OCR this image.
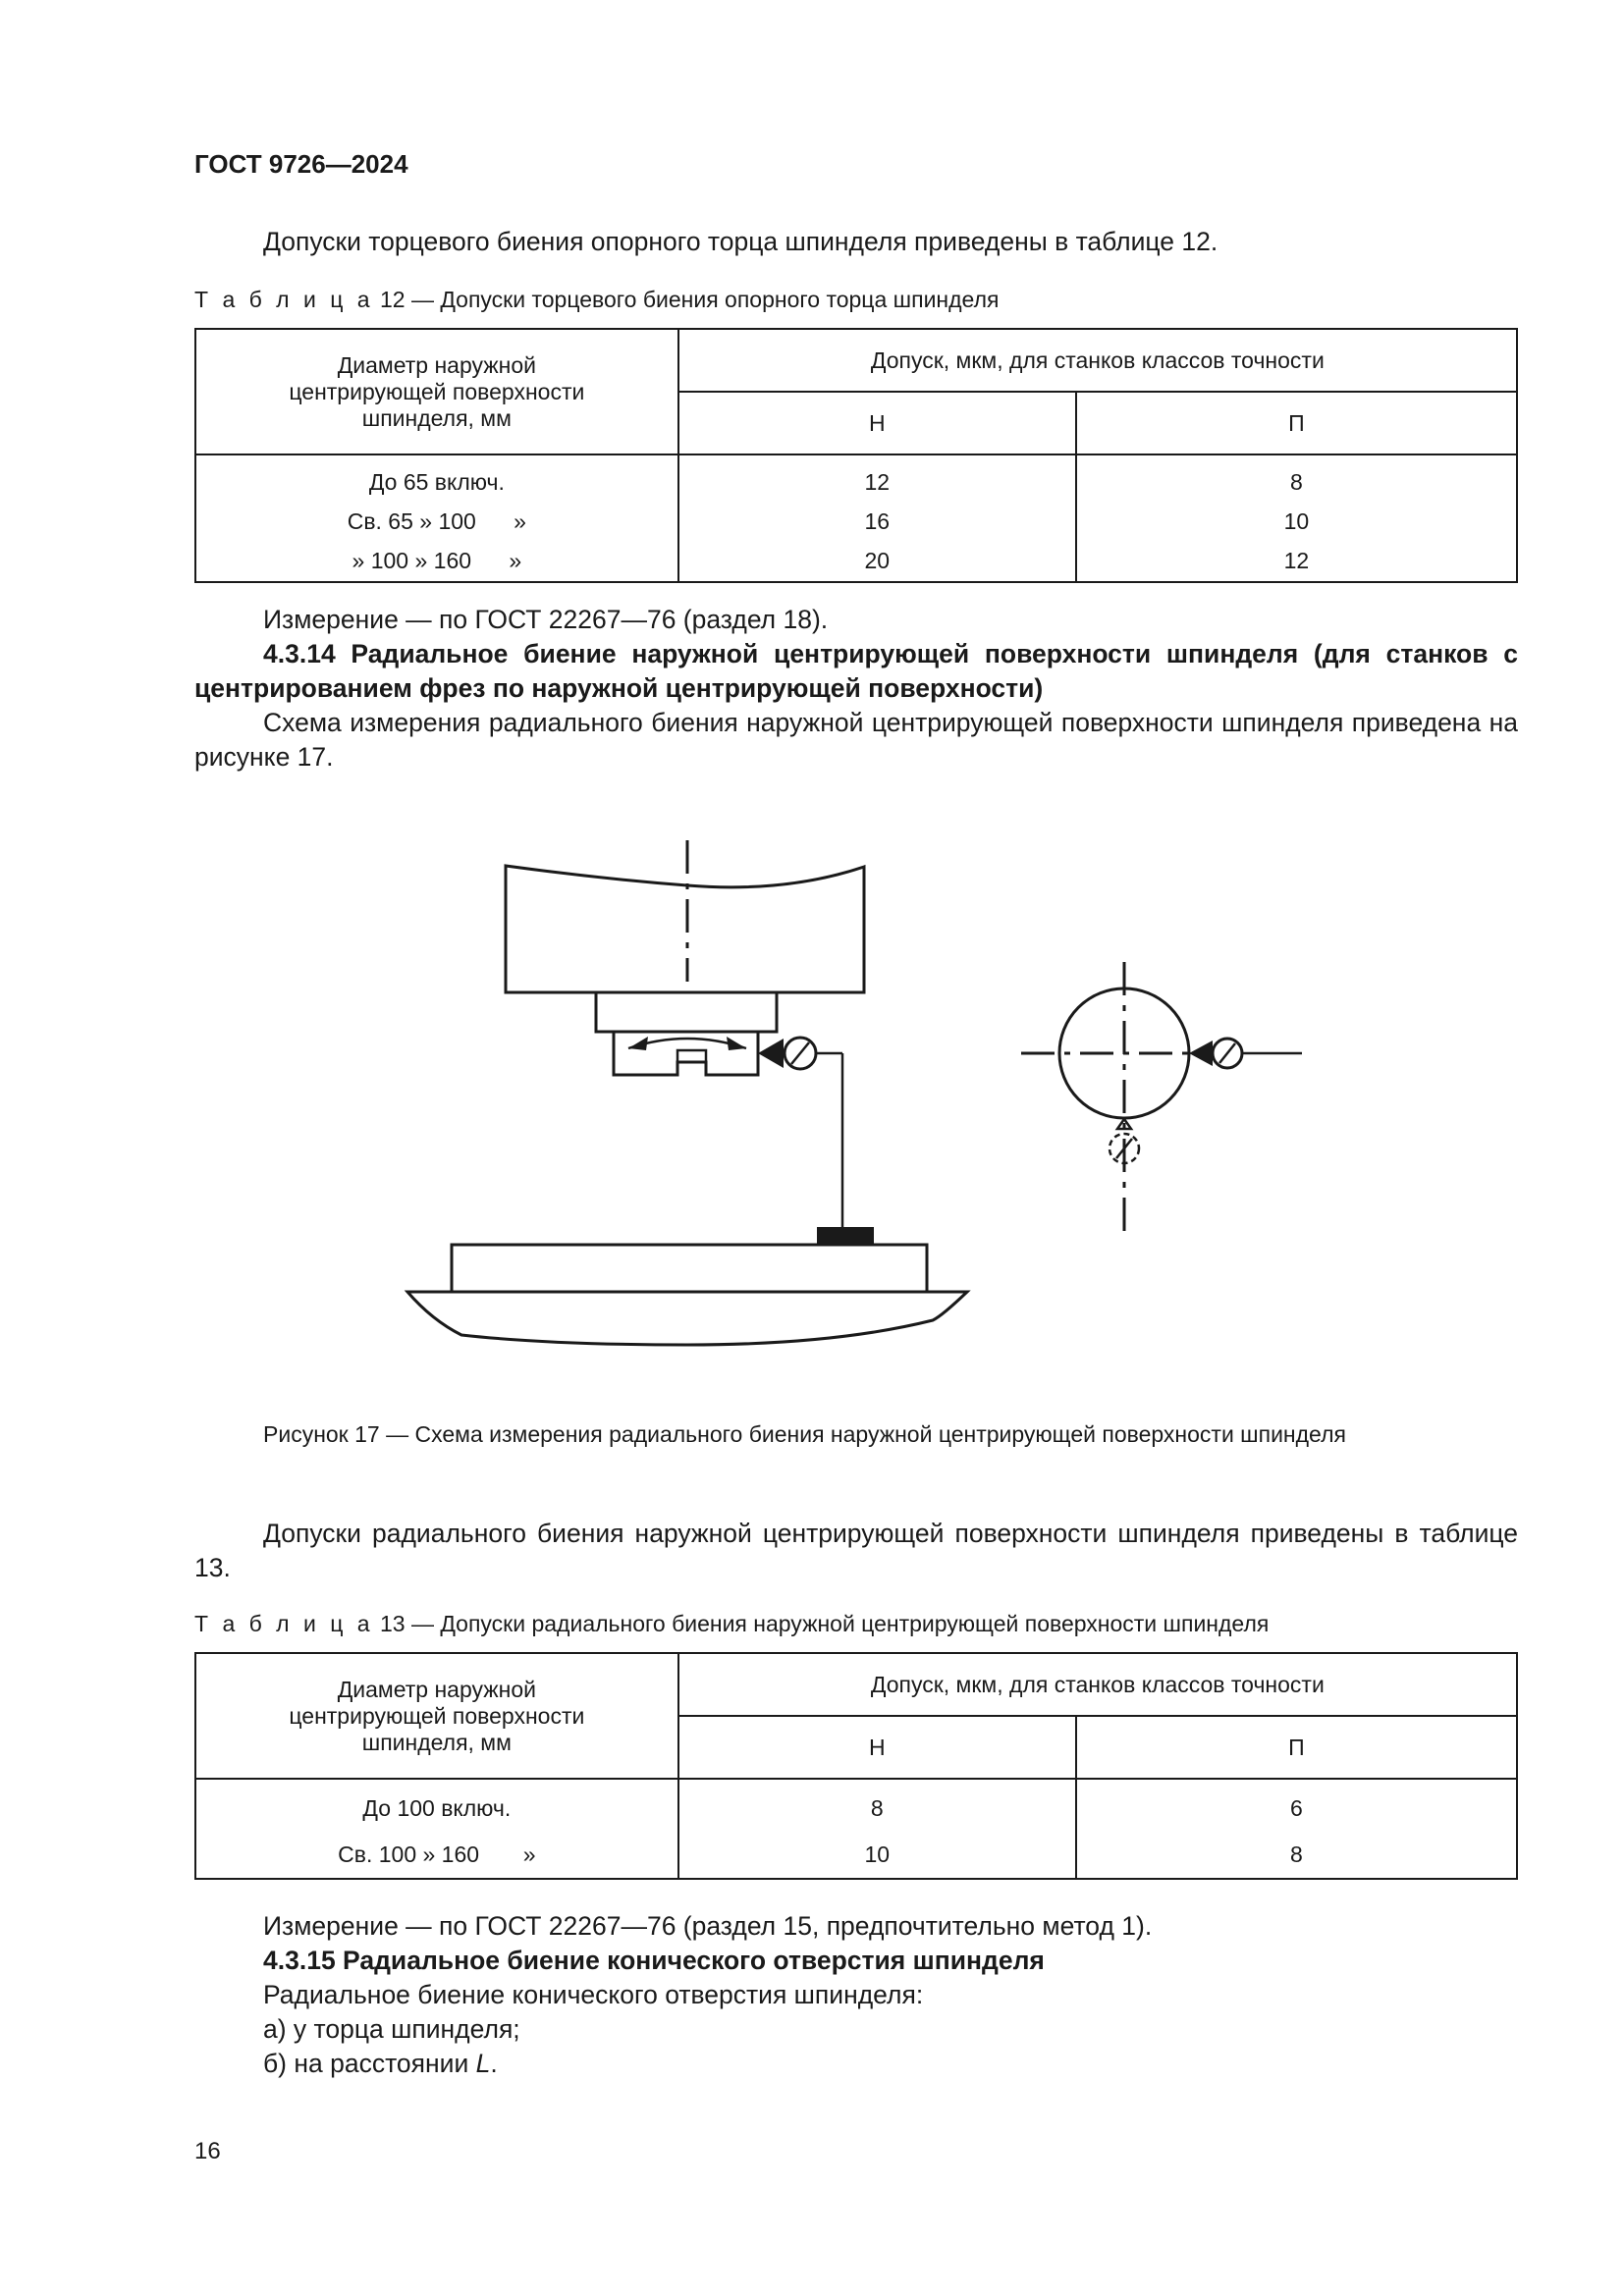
ГОСТ 9726—2024
Допуски торцевого биения опорного торца шпинделя приведены в таблице 12.
Т а б л и ц а 12 — Допуски торцевого биения опорного торца шпинделя
Диаметр наружной центрирующей поверхности шпинделя, мм	Допуск, мкм, для станков классов точности	
	Н	П

До 65 включ.	12	8
Св. 65 » 100      »	16	10
» 100 » 160      »	20	12
Измерение — по ГОСТ 22267—76 (раздел 18).
4.3.14 Радиальное биение наружной центрирующей поверхности шпинделя (для станков с центрированием фрез по наружной центрирующей поверхности)
Схема измерения радиального биения наружной центрирующей поверхности шпинделя приведена на рисунке 17.
Рисунок 17 — Схема измерения радиального биения наружной центрирующей поверхности шпинделя
Допуски радиального биения наружной центрирующей поверхности шпинделя приведены в таблице 13.
Т а б л и ц а 13 — Допуски радиального биения наружной центрирующей поверхности шпинделя
Диаметр наружной центрирующей поверхности шпинделя, мм	Допуск, мкм, для станков классов точности	
	Н	П

До 100 включ.	8	6
Св. 100 » 160       »	10	8
Измерение — по ГОСТ 22267—76 (раздел 15, предпочтительно метод 1).
4.3.15 Радиальное биение конического отверстия шпинделя
Радиальное биение конического отверстия шпинделя:
а) у торца шпинделя;
б) на расстоянии L.
16
